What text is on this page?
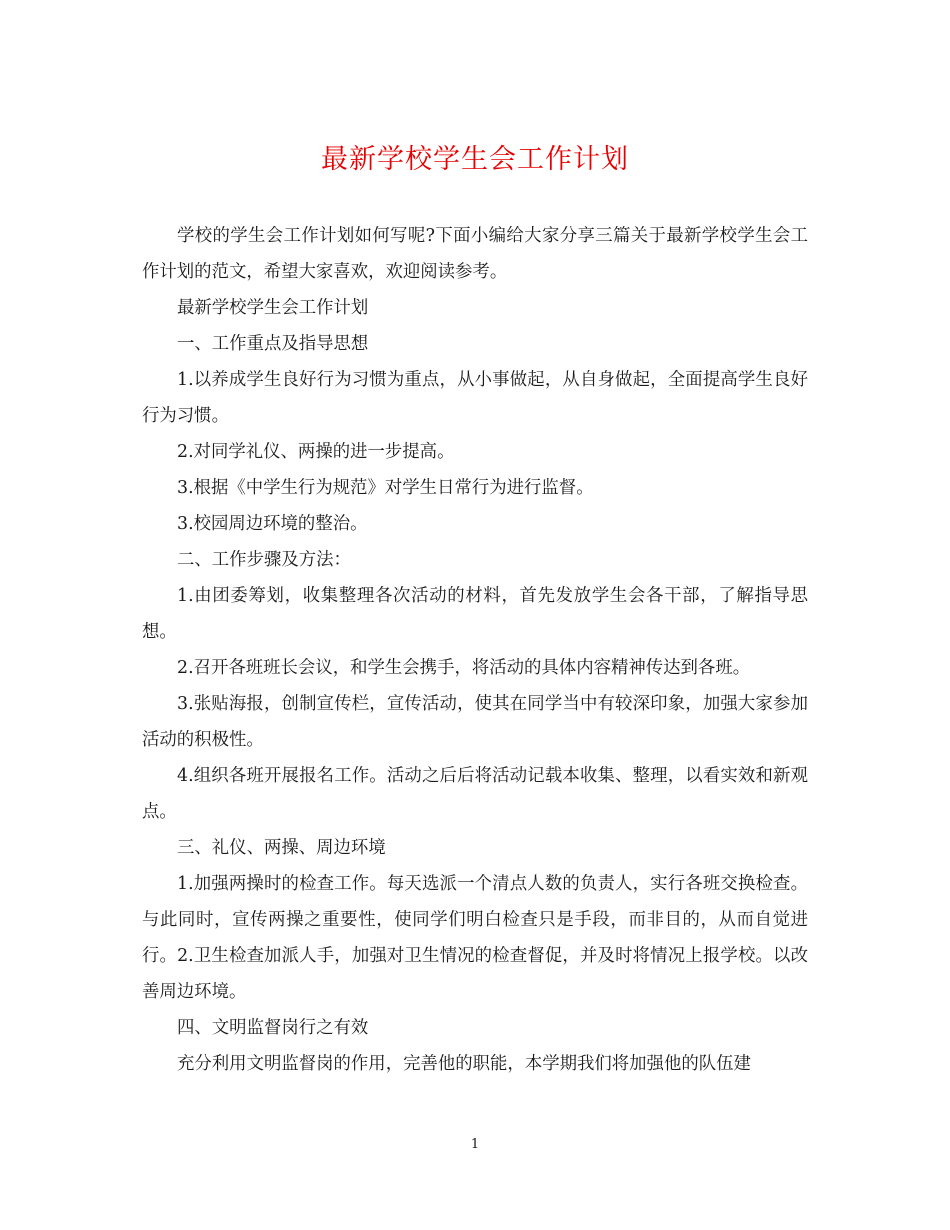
最新学校学生会工作计划

学校的学生会工作计划如何写呢?下面小编给大家分享三篇关于最新学校学生会工作计划的范文，希望大家喜欢，欢迎阅读参考。

最新学校学生会工作计划

一、工作重点及指导思想

1.以养成学生良好行为习惯为重点，从小事做起，从自身做起，全面提高学生良好行为习惯。

2.对同学礼仪、两操的进一步提高。

3.根据《中学生行为规范》对学生日常行为进行监督。

3.校园周边环境的整治。

二、工作步骤及方法：

1.由团委筹划，收集整理各次活动的材料，首先发放学生会各干部，了解指导思想。

2.召开各班班长会议，和学生会携手，将活动的具体内容精神传达到各班。

3.张贴海报，创制宣传栏，宣传活动，使其在同学当中有较深印象，加强大家参加活动的积极性。

4.组织各班开展报名工作。活动之后后将活动记载本收集、整理，以看实效和新观点。

三、礼仪、两操、周边环境

1.加强两操时的检查工作。每天选派一个清点人数的负责人，实行各班交换检查。与此同时，宣传两操之重要性，使同学们明白检查只是手段，而非目的，从而自觉进行。2.卫生检查加派人手，加强对卫生情况的检查督促，并及时将情况上报学校。以改善周边环境。

四、文明监督岗行之有效

充分利用文明监督岗的作用，完善他的职能，本学期我们将加强他的队伍建

1
